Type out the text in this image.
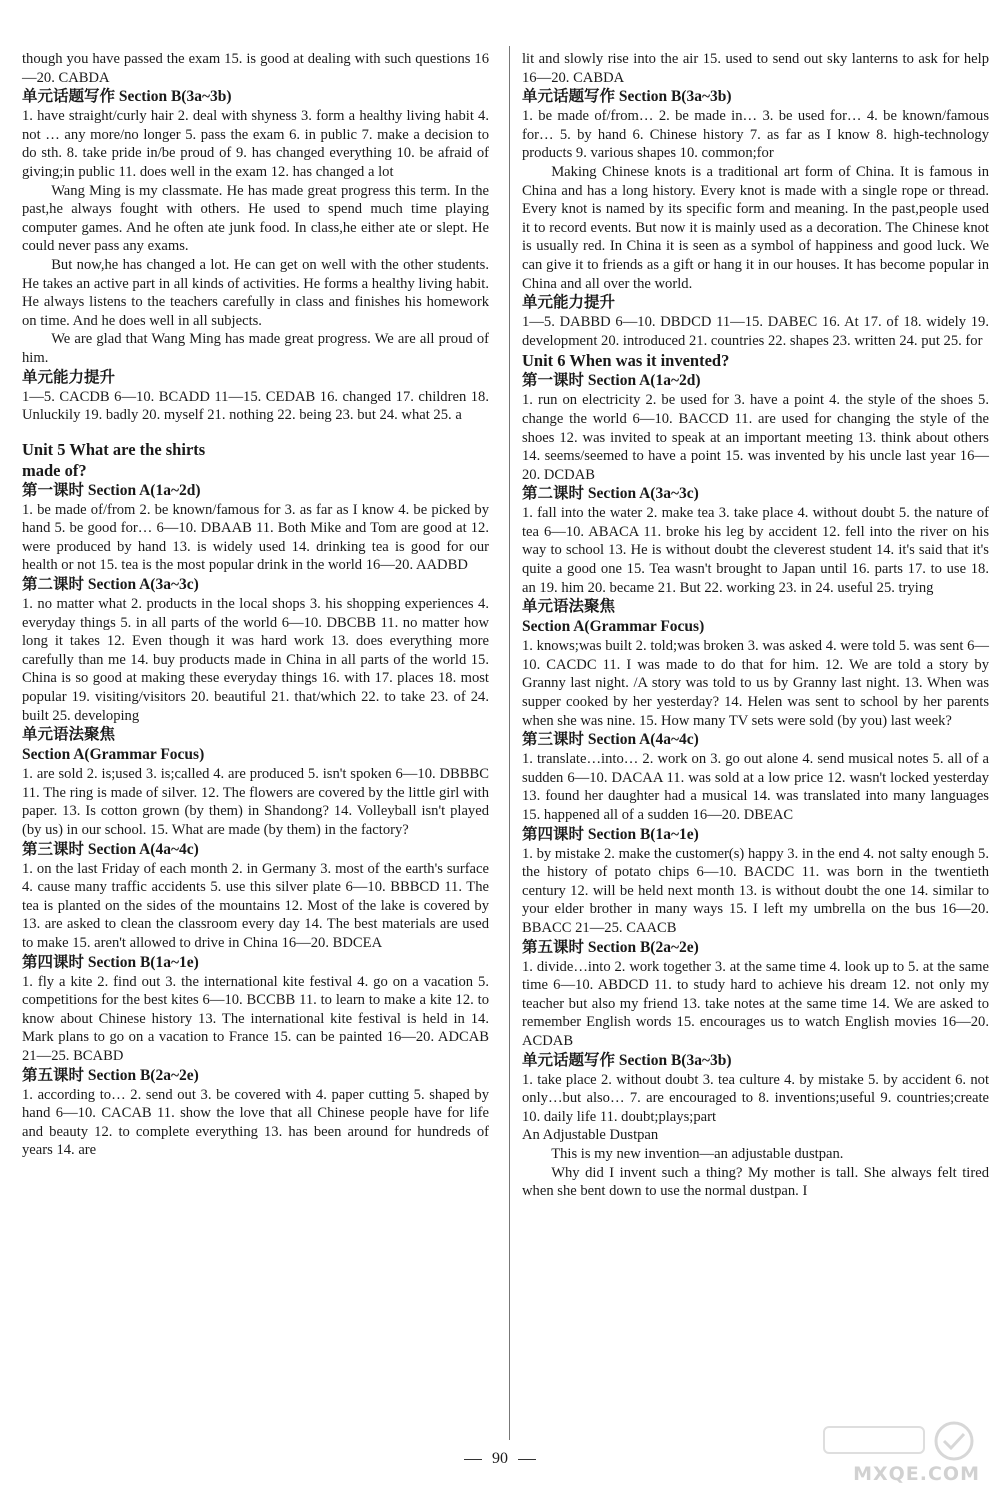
though you have passed the exam 15. is good at dealing with such questions 16—20. CABDA

单元话题写作 Section B(3a~3b)

1. have straight/curly hair 2. deal with shyness 3. form a healthy living habit 4. not … any more/no longer 5. pass the exam 6. in public 7. make a decision to do sth. 8. take pride in/be proud of 9. has changed everything 10. be afraid of giving;in public 11. does well in the exam 12. has changed a lot

Wang Ming is my classmate. He has made great progress this term. In the past,he always fought with others. He used to spend much time playing computer games. And he often ate junk food. In class,he either ate or slept. He could never pass any exams.

But now,he has changed a lot. He can get on well with the other students. He takes an active part in all kinds of activities. He forms a healthy living habit. He always listens to the teachers carefully in class and finishes his homework on time. And he does well in all subjects.

We are glad that Wang Ming has made great progress. We are all proud of him.

单元能力提升

1—5. CACDB 6—10. BCADD 11—15. CEDAB 16. changed 17. children 18. Unluckily 19. badly 20. myself 21. nothing 22. being 23. but 24. what 25. a

Unit 5 What are the shirts

made of?

第一课时 Section A(1a~2d)

1. be made of/from 2. be known/famous for 3. as far as I know 4. be picked by hand 5. be good for… 6—10. DBAAB 11. Both Mike and Tom are good at 12. were produced by hand 13. is widely used 14. drinking tea is good for our health or not 15. tea is the most popular drink in the world 16—20. AADBD

第二课时 Section A(3a~3c)

1. no matter what 2. products in the local shops 3. his shopping experiences 4. everyday things 5. in all parts of the world 6—10. DBCBB 11. no matter how long it takes 12. Even though it was hard work 13. does everything more carefully than me 14. buy products made in China in all parts of the world 15. China is so good at making these everyday things 16. with 17. places 18. most popular 19. visiting/visitors 20. beautiful 21. that/which 22. to take 23. of 24. built 25. developing

单元语法聚焦

Section A(Grammar Focus)

1. are sold 2. is;used 3. is;called 4. are produced 5. isn't spoken 6—10. DBBBC 11. The ring is made of silver. 12. The flowers are covered by the little girl with paper. 13. Is cotton grown (by them) in Shandong? 14. Volleyball isn't played (by us) in our school. 15. What are made (by them) in the factory?

第三课时 Section A(4a~4c)

1. on the last Friday of each month 2. in Germany 3. most of the earth's surface 4. cause many traffic accidents 5. use this silver plate 6—10. BBBCD 11. The tea is planted on the sides of the mountains 12. Most of the lake is covered by 13. are asked to clean the classroom every day 14. The best materials are used to make 15. aren't allowed to drive in China 16—20. BDCEA

第四课时 Section B(1a~1e)

1. fly a kite 2. find out 3. the international kite festival 4. go on a vacation 5. competitions for the best kites 6—10. BCCBB 11. to learn to make a kite 12. to know about Chinese history 13. The international kite festival is held in 14. Mark plans to go on a vacation to France 15. can be painted 16—20. ADCAB 21—25. BCABD

第五课时 Section B(2a~2e)

1. according to… 2. send out 3. be covered with 4. paper cutting 5. shaped by hand 6—10. CACAB 11. show the love that all Chinese people have for life and beauty 12. to complete everything 13. has been around for hundreds of years 14. are

lit and slowly rise into the air 15. used to send out sky lanterns to ask for help 16—20. CABDA

单元话题写作 Section B(3a~3b)

1. be made of/from… 2. be made in… 3. be used for… 4. be known/famous for… 5. by hand 6. Chinese history 7. as far as I know 8. high-technology products 9. various shapes 10. common;for

Making Chinese knots is a traditional art form of China. It is famous in China and has a long history. Every knot is made with a single rope or thread. Every knot is named by its specific form and meaning. In the past,people used it to record events. But now it is mainly used as a decoration. The Chinese knot is usually red. In China it is seen as a symbol of happiness and good luck. We can give it to friends as a gift or hang it in our houses. It has become popular in China and all over the world.

单元能力提升

1—5. DABBD 6—10. DBDCD 11—15. DABEC 16. At 17. of 18. widely 19. development 20. introduced 21. countries 22. shapes 23. written 24. put 25. for

Unit 6 When was it invented?

第一课时 Section A(1a~2d)

1. run on electricity 2. be used for 3. have a point 4. the style of the shoes 5. change the world 6—10. BACCD 11. are used for changing the style of the shoes 12. was invited to speak at an important meeting 13. think about others 14. seems/seemed to have a point 15. was invented by his uncle last year 16—20. DCDAB

第二课时 Section A(3a~3c)

1. fall into the water 2. make tea 3. take place 4. without doubt 5. the nature of tea 6—10. ABACA 11. broke his leg by accident 12. fell into the river on his way to school 13. He is without doubt the cleverest student 14. it's said that it's quite a good one 15. Tea wasn't brought to Japan until 16. parts 17. to use 18. an 19. him 20. became 21. But 22. working 23. in 24. useful 25. trying

单元语法聚焦

Section A(Grammar Focus)

1. knows;was built 2. told;was broken 3. was asked 4. were told 5. was sent 6—10. CACDC 11. I was made to do that for him. 12. We are told a story by Granny last night. /A story was told to us by Granny last night. 13. When was supper cooked by her yesterday? 14. Helen was sent to school by her parents when she was nine. 15. How many TV sets were sold (by you) last week?

第三课时 Section A(4a~4c)

1. translate…into… 2. work on 3. go out alone 4. send musical notes 5. all of a sudden 6—10. DACAA 11. was sold at a low price 12. wasn't locked yesterday 13. found her daughter had a musical 14. was translated into many languages 15. happened all of a sudden 16—20. DBEAC

第四课时 Section B(1a~1e)

1. by mistake 2. make the customer(s) happy 3. in the end 4. not salty enough 5. the history of potato chips 6—10. BACDC 11. was born in the twentieth century 12. will be held next month 13. is without doubt the one 14. similar to your elder brother in many ways 15. I left my umbrella on the bus 16—20. BBACC 21—25. CAACB

第五课时 Section B(2a~2e)

1. divide…into 2. work together 3. at the same time 4. look up to 5. at the same time 6—10. ABDCD 11. to study hard to achieve his dream 12. not only my teacher but also my friend 13. take notes at the same time 14. We are asked to remember English words 15. encourages us to watch English movies 16—20. ACDAB

单元话题写作 Section B(3a~3b)

1. take place 2. without doubt 3. tea culture 4. by mistake 5. by accident 6. not only…but also… 7. are encouraged to 8. inventions;useful 9. countries;create 10. daily life 11. doubt;plays;part

An Adjustable Dustpan

This is my new invention—an adjustable dustpan.

Why did I invent such a thing? My mother is tall. She always felt tired when she bent down to use the normal dustpan. I

90
MXQE.COM
